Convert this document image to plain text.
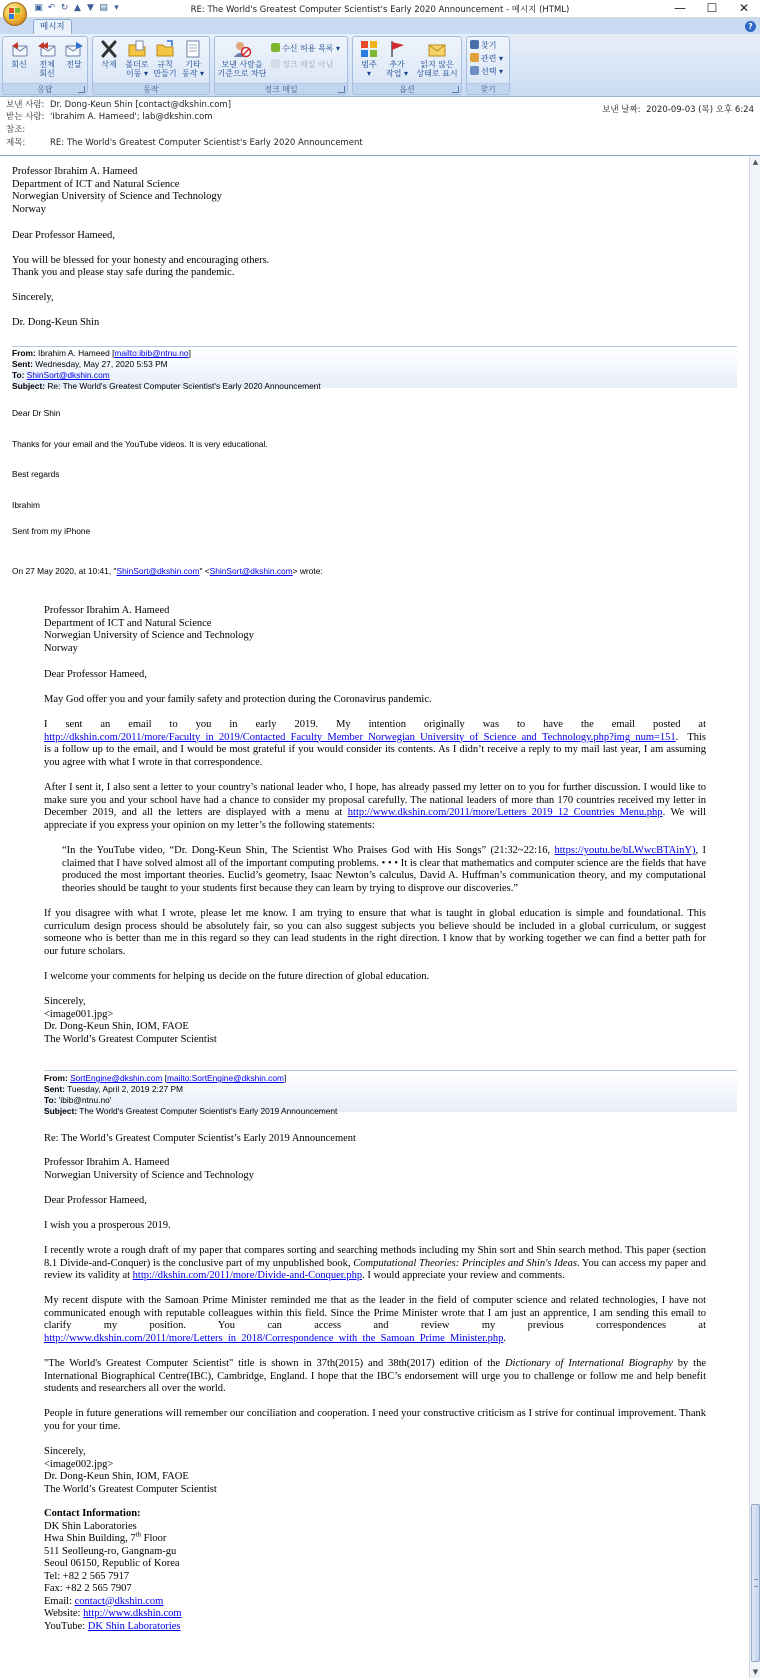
▣ ↶ ↻ ▲ ▼ ▤ ▾	RE: The World's Greatest Computer Scientist's Early 2020 Announcement - 메시지 (HTML)	—	☐	✕
메시지	?
회신	전체
회신
전달
응답
삭제	폴더로
이동 ▾
규칙
만들기
기타
동작 ▾
동작
보낸 사람을
기준으로 차단
수신 허용 목록 ▾
정크 메일 아님
정크 메일
범주
▾
추가
작업 ▾
읽지 않은
상태로 표시
옵션
찾기
관련 ▾
선택 ▾
찾기
보낸 사람: Dr. Dong-Keun Shin [contact@dkshin.com]
받는 사람: 'Ibrahim A. Hameed'; lab@dkshin.com
참조:
제목:	RE: The World's Greatest Computer Scientist's Early 2020 Announcement
보낸 날짜: 2020-09-03 (목) 오후 6:24
Professor Ibrahim A. Hameed
Department of ICT and Natural Science
Norwegian University of Science and Technology
Norway
Dear Professor Hameed,
You will be blessed for your honesty and encouraging others.
Thank you and please stay safe during the pandemic.
Sincerely,
Dr. Dong-Keun Shin
From: Ibrahim A. Hameed [mailto:ibib@ntnu.no]
Sent: Wednesday, May 27, 2020 5:53 PM
To: ShinSort@dkshin.com
Subject: Re: The World's Greatest Computer Scientist's Early 2020 Announcement
Dear Dr Shin
Thanks for your email and the YouTube videos. It is very educational.
Best regards
Ibrahim
Sent from my iPhone
On 27 May 2020, at 10:41, "ShinSort@dkshin.com" <ShinSort@dkshin.com> wrote:
Professor Ibrahim A. Hameed
Department of ICT and Natural Science
Norwegian University of Science and Technology
Norway
Dear Professor Hameed,
May God offer you and your family safety and protection during the Coronavirus pandemic.
I sent an email to you in early 2019. My intention originally was to have the email posted at http://dkshin.com/2011/more/Faculty_in_2019/Contacted_Faculty_Member_Norwegian_University_of_Science_and_Technology.php?img_num=151. This is a follow up to the email, and I would be most grateful if you would consider its contents. As I didn’t receive a reply to my mail last year, I am assuming you agree with what I wrote in that correspondence.
After I sent it, I also sent a letter to your country’s national leader who, I hope, has already passed my letter on to you for further discussion. I would like to make sure you and your school have had a chance to consider my proposal carefully. The national leaders of more than 170 countries received my letter in December 2019, and all the letters are displayed with a menu at http://www.dkshin.com/2011/more/Letters_2019_12_Countries_Menu.php. We will appreciate if you express your opinion on my letter’s the following statements:
“In the YouTube video, “Dr. Dong-Keun Shin, The Scientist Who Praises God with His Songs” (21:32~22:16, https://youtu.be/bLWwcBTAinY), I claimed that I have solved almost all of the important computing problems. • • • It is clear that mathematics and computer science are the fields that have produced the most important theories. Euclid’s geometry, Isaac Newton’s calculus, David A. Huffman’s communication theory, and my computational theories should be taught to your students first because they can learn by trying to disprove our discoveries.”
If you disagree with what I wrote, please let me know. I am trying to ensure that what is taught in global education is simple and foundational. This curriculum design process should be absolutely fair, so you can also suggest subjects you believe should be included in a global curriculum, or suggest someone who is better than me in this regard so they can lead students in the right direction. I know that by working together we can find a better path for our future scholars.
I welcome your comments for helping us decide on the future direction of global education.
Sincerely,
<image001.jpg>
Dr. Dong-Keun Shin, IOM, FAOE
The World’s Greatest Computer Scientist
From: SortEngine@dkshin.com [mailto:SortEngine@dkshin.com]
Sent: Tuesday, April 2, 2019 2:27 PM
To: 'ibib@ntnu.no'
Subject: The World's Greatest Computer Scientist's Early 2019 Announcement
Re: The World’s Greatest Computer Scientist’s Early 2019 Announcement
Professor Ibrahim A. Hameed
Norwegian University of Science and Technology
Dear Professor Hameed,
I wish you a prosperous 2019.
I recently wrote a rough draft of my paper that compares sorting and searching methods including my Shin sort and Shin search method. This paper (section 8.1 Divide-and-Conquer) is the conclusive part of my unpublished book, Computational Theories: Principles and Shin's Ideas. You can access my paper and review its validity at http://dkshin.com/2011/more/Divide-and-Conquer.php. I would appreciate your review and comments.
My recent dispute with the Samoan Prime Minister reminded me that as the leader in the field of computer science and related technologies, I have not communicated enough with reputable colleagues within this field. Since the Prime Minister wrote that I am just an apprentice, I am sending this email to clarify my position. You can access and review my previous correspondences at http://www.dkshin.com/2011/more/Letters_in_2018/Correspondence_with_the_Samoan_Prime_Minister.php.
"The World's Greatest Computer Scientist" title is shown in 37th(2015) and 38th(2017) edition of the Dictionary of International Biography by the International Biographical Centre(IBC), Cambridge, England. I hope that the IBC’s endorsement will urge you to challenge or follow me and help benefit students and researchers all over the world.
People in future generations will remember our conciliation and cooperation. I need your constructive criticism as I strive for continual improvement. Thank you for your time.
Sincerely,
<image002.jpg>
Dr. Dong-Keun Shin, IOM, FAOE
The World’s Greatest Computer Scientist
Contact Information:
DK Shin Laboratories
Hwa Shin Building, 7th Floor
511 Seolleung-ro, Gangnam-gu
Seoul 06150, Republic of Korea
Tel: +82 2 565 7917
Fax: +82 2 565 7907
Email: contact@dkshin.com
Website: http://www.dkshin.com
YouTube: DK Shin Laboratories
▲
▼
